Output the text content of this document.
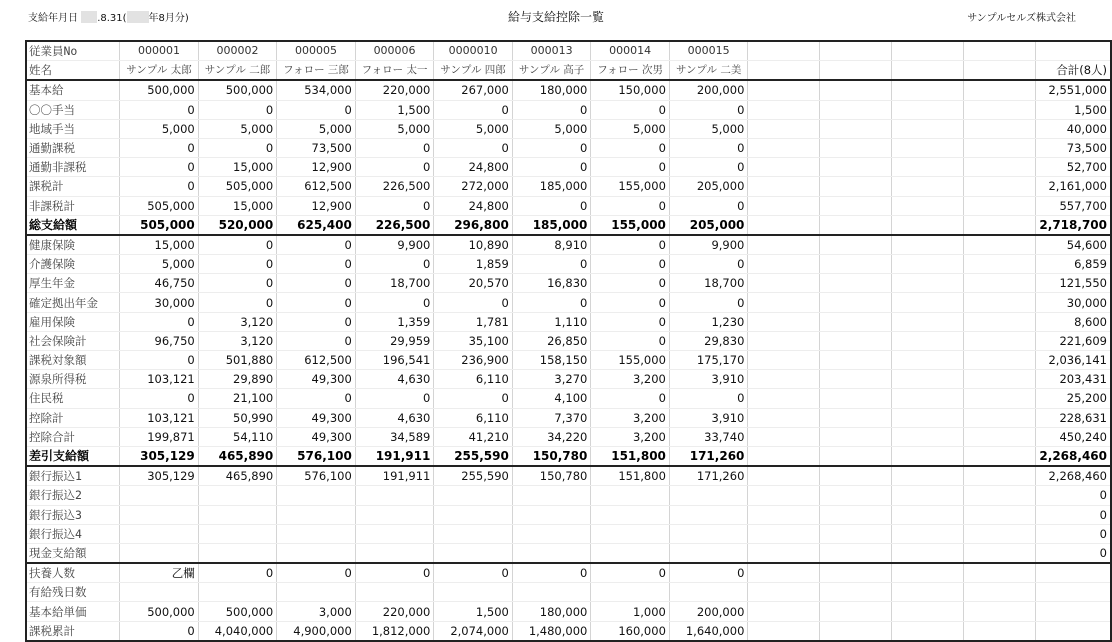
支給年月日 .8.31( 年8月分)	給与支給控除一覧	サンプルセルズ株式会社
従業員No	000001	000002	000005	000006	0000010	000013	000014	000015					
姓名	サンプル 太郎	サンプル 二郎	フォロー 三郎	フォロー 太一	サンプル 四郎	サンプル 高子	フォロー 次男	サンプル 二美					合計(8人)
基本給	500,000	500,000	534,000	220,000	267,000	180,000	150,000	200,000					2,551,000
〇〇手当	0	0	0	1,500	0	0	0	0					1,500
地域手当	5,000	5,000	5,000	5,000	5,000	5,000	5,000	5,000					40,000
通勤課税	0	0	73,500	0	0	0	0	0					73,500
通勤非課税	0	15,000	12,900	0	24,800	0	0	0					52,700
課税計	0	505,000	612,500	226,500	272,000	185,000	155,000	205,000					2,161,000
非課税計	505,000	15,000	12,900	0	24,800	0	0	0					557,700
総支給額	505,000	520,000	625,400	226,500	296,800	185,000	155,000	205,000					2,718,700
健康保険	15,000	0	0	9,900	10,890	8,910	0	9,900					54,600
介護保険	5,000	0	0	0	1,859	0	0	0					6,859
厚生年金	46,750	0	0	18,700	20,570	16,830	0	18,700					121,550
確定拠出年金	30,000	0	0	0	0	0	0	0					30,000
雇用保険	0	3,120	0	1,359	1,781	1,110	0	1,230					8,600
社会保険計	96,750	3,120	0	29,959	35,100	26,850	0	29,830					221,609
課税対象額	0	501,880	612,500	196,541	236,900	158,150	155,000	175,170					2,036,141
源泉所得税	103,121	29,890	49,300	4,630	6,110	3,270	3,200	3,910					203,431
住民税	0	21,100	0	0	0	4,100	0	0					25,200
控除計	103,121	50,990	49,300	4,630	6,110	7,370	3,200	3,910					228,631
控除合計	199,871	54,110	49,300	34,589	41,210	34,220	3,200	33,740					450,240
差引支給額	305,129	465,890	576,100	191,911	255,590	150,780	151,800	171,260					2,268,460
銀行振込1	305,129	465,890	576,100	191,911	255,590	150,780	151,800	171,260					2,268,460
銀行振込2													0
銀行振込3													0
銀行振込4													0
現金支給額													0
扶養人数	乙欄	0	0	0	0	0	0	0					
有給残日数													
基本給単価	500,000	500,000	3,000	220,000	1,500	180,000	1,000	200,000					
課税累計	0	4,040,000	4,900,000	1,812,000	2,074,000	1,480,000	160,000	1,640,000					
